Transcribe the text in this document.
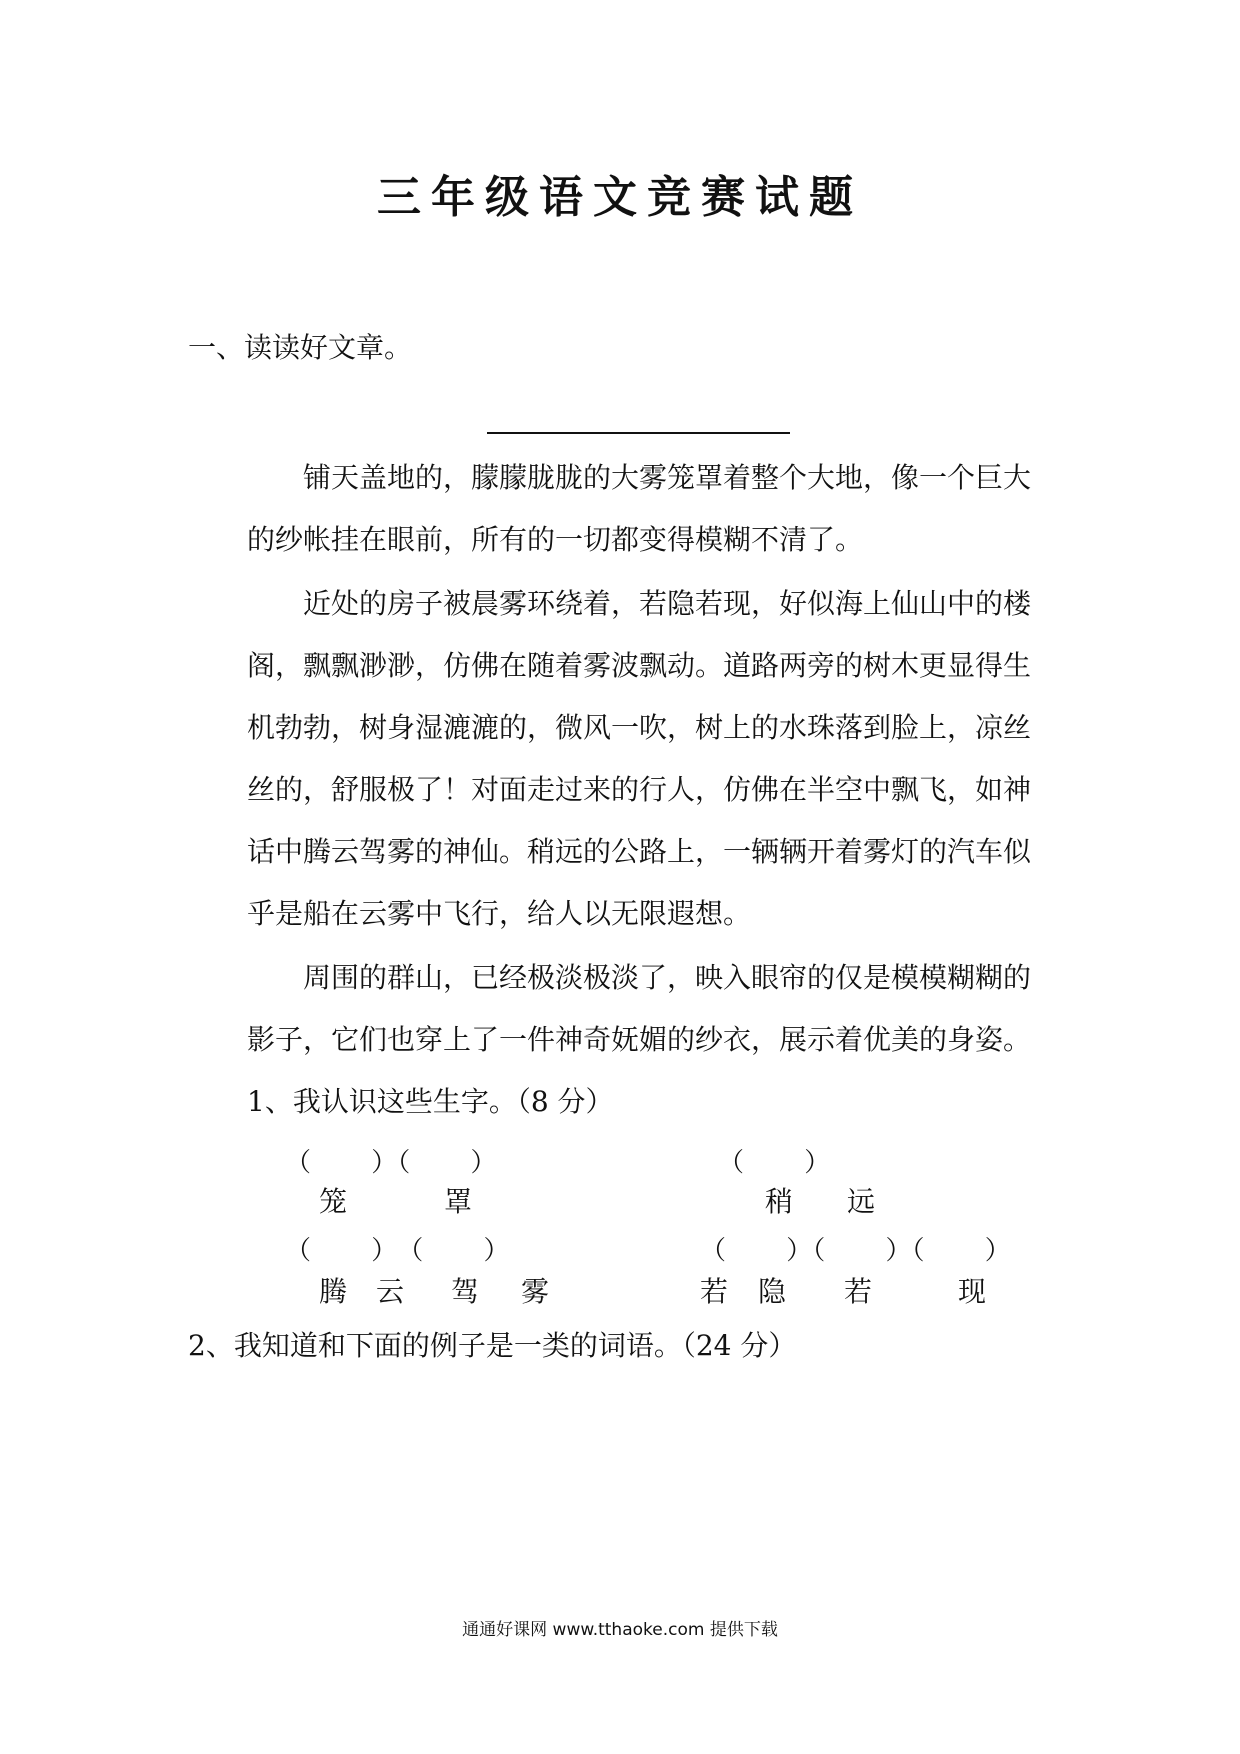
三年级语文竞赛试题
一、读读好文章。
铺天盖地的，朦朦胧胧的大雾笼罩着整个大地，像一个巨大
的纱帐挂在眼前，所有的一切都变得模糊不清了。
近处的房子被晨雾环绕着，若隐若现，好似海上仙山中的楼
阁，飘飘渺渺，仿佛在随着雾波飘动。道路两旁的树木更显得生
机勃勃，树身湿漉漉的，微风一吹，树上的水珠落到脸上，凉丝
丝的，舒服极了！对面走过来的行人，仿佛在半空中飘飞，如神
话中腾云驾雾的神仙。稍远的公路上，一辆辆开着雾灯的汽车似
乎是船在云雾中飞行，给人以无限遐想。
周围的群山，已经极淡极淡了，映入眼帘的仅是模模糊糊的
影子，它们也穿上了一件神奇妩媚的纱衣，展示着优美的身姿。
1、我认识这些生字。（8 分）
（　　 ）（　　 ）	（　　 ）
笼	罩	稍 远
（　　 ）　（　　 ）	（　　 ）（　　 ）（　　 ）
腾 云 驾 雾	若 隐 若	现
2、我知道和下面的例子是一类的词语。（24 分）
通通好课网 www.tthaoke.com 提供下载
